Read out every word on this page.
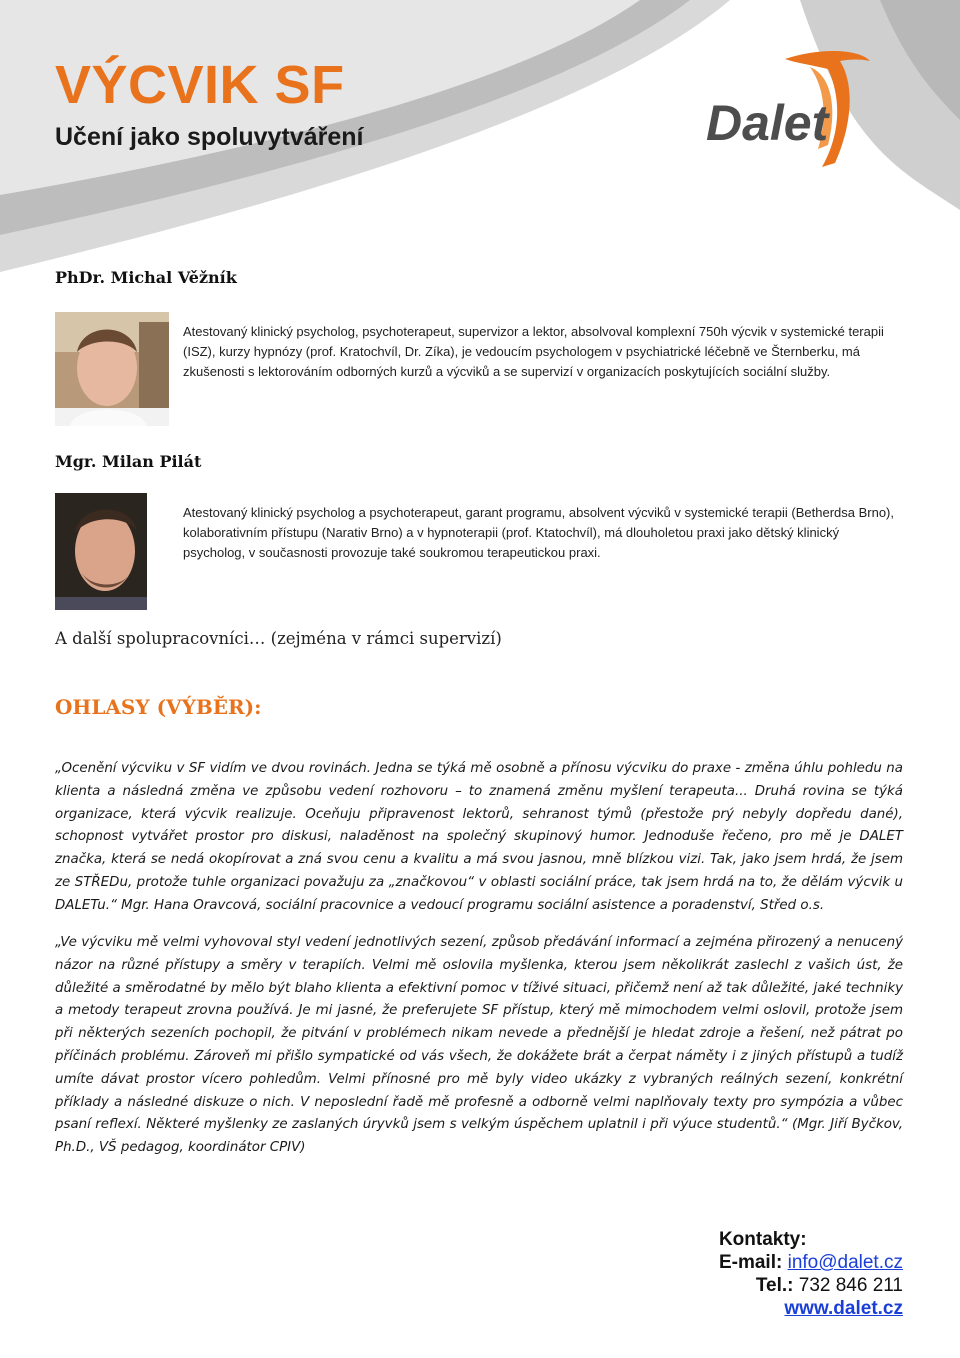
VÝCVIK SF
Učení jako spoluvytváření	Dalet
PhDr. Michal Věžník
Atestovaný klinický psycholog, psychoterapeut, supervizor a lektor, absolvoval komplexní 750h výcvik v systemické terapii (ISZ), kurzy hypnózy (prof. Kratochvíl, Dr. Zíka), je vedoucím psychologem v psychiatrické léčebně ve Šternberku, má zkušenosti s lektorováním odborných kurzů a výcviků a se supervizí v organizacích poskytujících sociální služby.
Mgr. Milan Pilát
Atestovaný klinický psycholog a psychoterapeut, garant programu, absolvent výcviků v systemické terapii (Betherdsa Brno), kolaborativním přístupu (Narativ Brno) a v hypnoterapii (prof. Ktatochvíl), má dlouholetou praxi jako dětský klinický psycholog, v současnosti provozuje také soukromou terapeutickou praxi.
A další spolupracovníci… (zejména v rámci supervizí)
OHLASY (VÝBĚR):
„Ocenění výcviku v SF vidím ve dvou rovinách. Jedna se týká mě osobně a přínosu výcviku do praxe - změna úhlu pohledu na klienta a následná změna ve způsobu vedení rozhovoru – to znamená změnu myšlení terapeuta... Druhá rovina se týká organizace, která výcvik realizuje. Oceňuju připravenost lektorů, sehranost týmů (přestože prý nebyly dopředu dané), schopnost vytvářet prostor pro diskusi, naladěnost na společný skupinový humor. Jednoduše řečeno, pro mě je DALET značka, která se nedá okopírovat a zná svou cenu a kvalitu a má svou jasnou, mně blízkou vizi. Tak, jako jsem hrdá, že jsem ze STŘEDu, protože tuhle organizaci považuju za „značkovou“ v oblasti sociální práce, tak jsem hrdá na to, že dělám výcvik u DALETu.“ Mgr. Hana Oravcová, sociální pracovnice a vedoucí programu sociální asistence a poradenství, Střed o.s.
„Ve výcviku mě velmi vyhovoval styl vedení jednotlivých sezení, způsob předávání informací a zejména přirozený a nenucený názor na různé přístupy a směry v terapiích. Velmi mě oslovila myšlenka, kterou jsem několikrát zaslechl z vašich úst, že důležité a směrodatné by mělo být blaho klienta a efektivní pomoc v tíživé situaci, přičemž není až tak důležité, jaké techniky a metody terapeut zrovna používá. Je mi jasné, že preferujete SF přístup, který mě mimochodem velmi oslovil, protože jsem při některých sezeních pochopil, že pitvání v problémech nikam nevede a přednější je hledat zdroje a řešení, než pátrat po příčinách problému. Zároveň mi přišlo sympatické od vás všech, že dokážete brát a čerpat náměty i z jiných přístupů a tudíž umíte dávat prostor vícero pohledům. Velmi přínosné pro mě byly video ukázky z vybraných reálných sezení, konkrétní příklady a následné diskuze o nich. V neposlední řadě mě profesně a odborně velmi naplňovaly texty pro sympózia a vůbec psaní reflexí. Některé myšlenky ze zaslaných úryvků jsem s velkým úspěchem uplatnil i při výuce studentů.“ (Mgr. Jiří Byčkov, Ph.D., VŠ pedagog, koordinátor CPIV)
Kontakty:
E-mail: info@dalet.cz
Tel.: 732 846 211
www.dalet.cz
